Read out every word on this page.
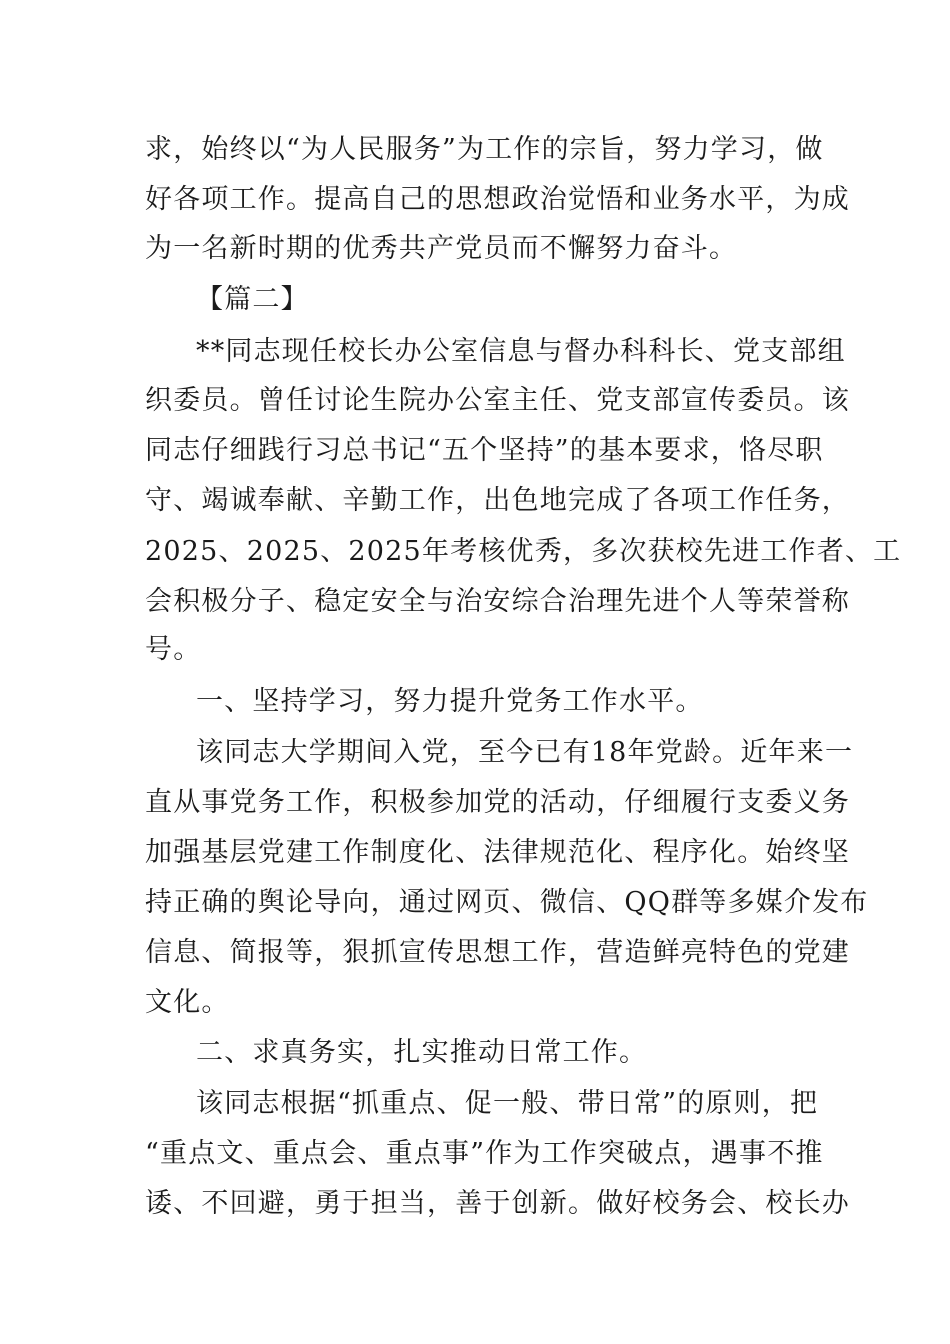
求，始终以“为人民服务”为工作的宗旨，努力学习，做
好各项工作。提高自己的思想政治觉悟和业务水平，为成
为一名新时期的优秀共产党员而不懈努力奋斗。
【篇二】
**同志现任校长办公室信息与督办科科长、党支部组
织委员。曾任讨论生院办公室主任、党支部宣传委员。该
同志仔细践行习总书记“五个坚持”的基本要求，恪尽职
守、竭诚奉献、辛勤工作，出色地完成了各项工作任务，
2025、2025、2025年考核优秀，多次获校先进工作者、工
会积极分子、稳定安全与治安综合治理先进个人等荣誉称
号。
一、坚持学习，努力提升党务工作水平。
该同志大学期间入党，至今已有18年党龄。近年来一
直从事党务工作，积极参加党的活动，仔细履行支委义务
加强基层党建工作制度化、法律规范化、程序化。始终坚
持正确的舆论导向，通过网页、微信、QQ群等多媒介发布
信息、简报等，狠抓宣传思想工作，营造鲜亮特色的党建
文化。
二、求真务实，扎实推动日常工作。
该同志根据“抓重点、促一般、带日常”的原则，把
“重点文、重点会、重点事”作为工作突破点，遇事不推
诿、不回避，勇于担当，善于创新。做好校务会、校长办
